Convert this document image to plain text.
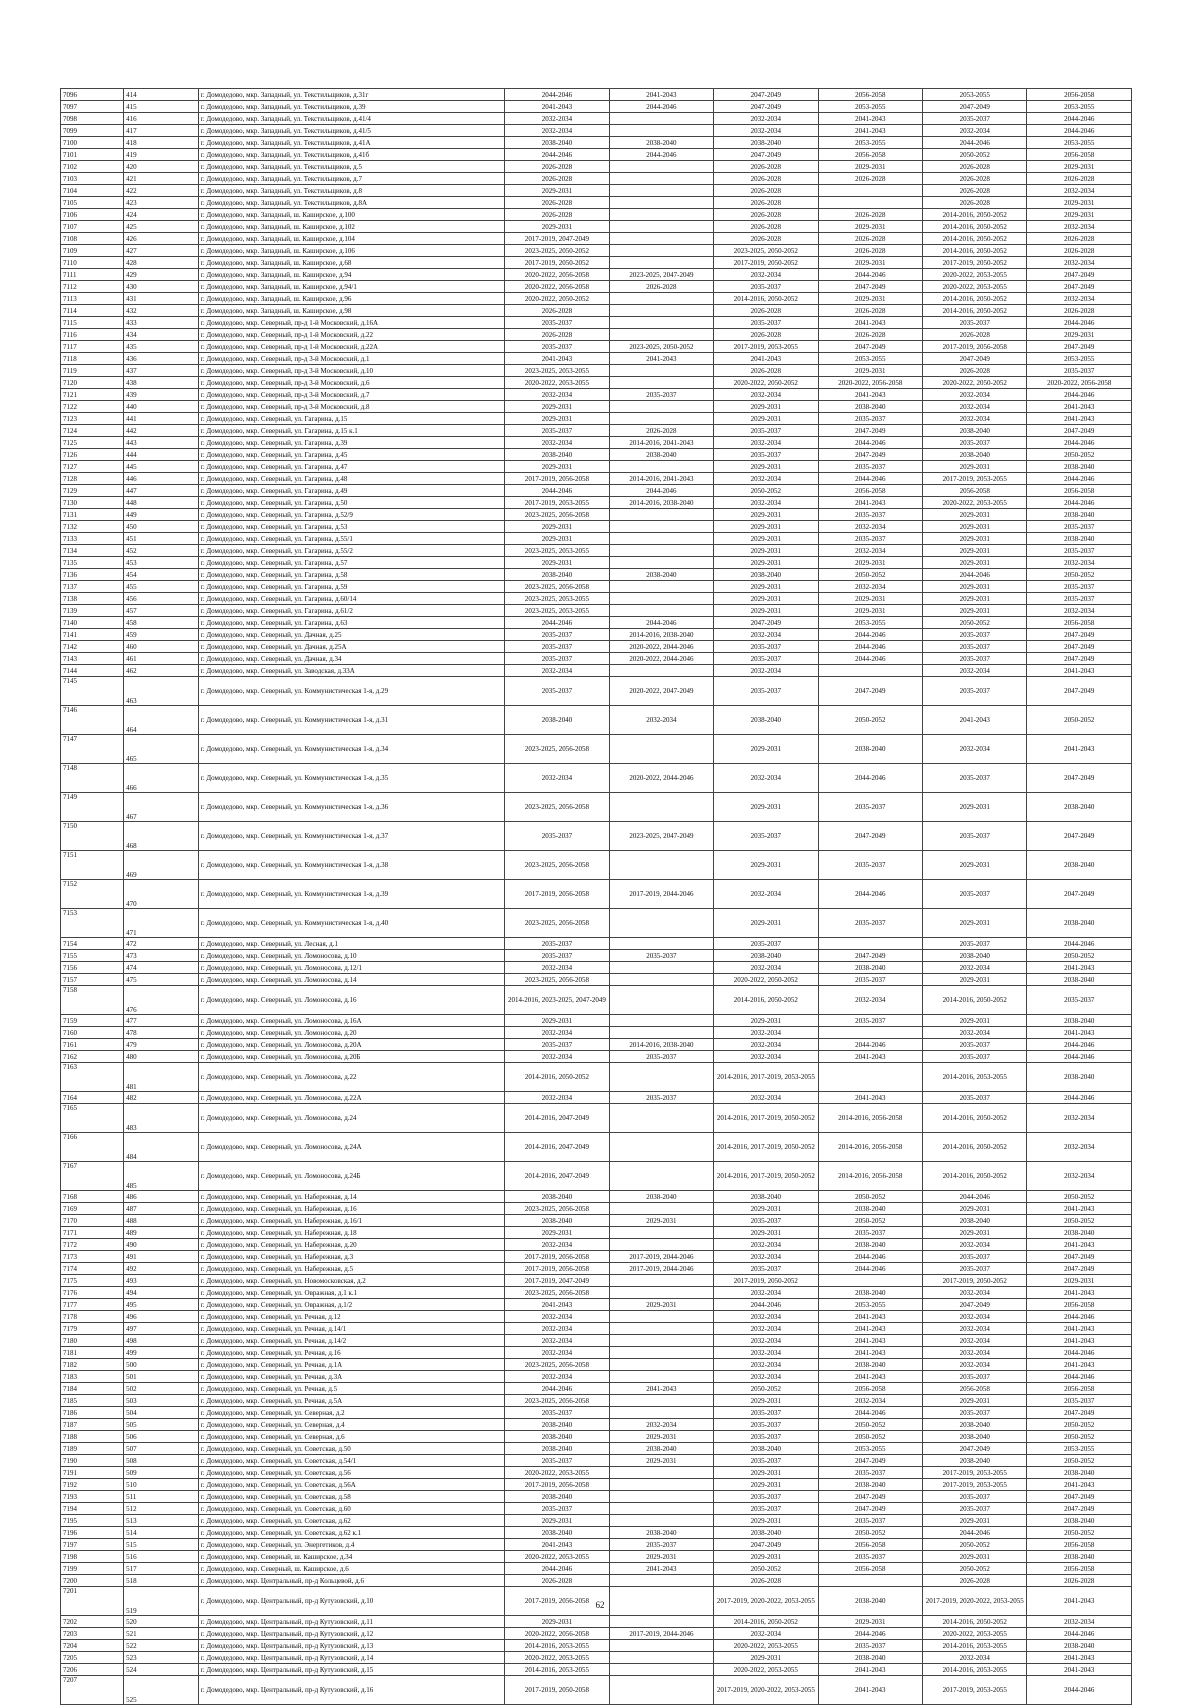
7096	414	г. Домодедово, мкр. Западный, ул. Текстильщиков, д.31г	2044-2046	2041-2043	2047-2049	2056-2058	2053-2055	2056-2058
7097	415	г. Домодедово, мкр. Западный, ул. Текстильщиков, д.39	2041-2043	2044-2046	2047-2049	2053-2055	2047-2049	2053-2055
7098	416	г. Домодедово, мкр. Западный, ул. Текстильщиков, д.41/4	2032-2034		2032-2034	2041-2043	2035-2037	2044-2046
7099	417	г. Домодедово, мкр. Западный, ул. Текстильщиков, д.41/5	2032-2034		2032-2034	2041-2043	2032-2034	2044-2046
7100	418	г. Домодедово, мкр. Западный, ул. Текстильщиков, д.41А	2038-2040	2038-2040	2038-2040	2053-2055	2044-2046	2053-2055
7101	419	г. Домодедово, мкр. Западный, ул. Текстильщиков, д.41б	2044-2046	2044-2046	2047-2049	2056-2058	2050-2052	2056-2058
7102	420	г. Домодедово, мкр. Западный, ул. Текстильщиков, д.5	2026-2028		2026-2028	2029-2031	2026-2028	2029-2031
7103	421	г. Домодедово, мкр. Западный, ул. Текстильщиков, д.7	2026-2028		2026-2028	2026-2028	2026-2028	2026-2028
7104	422	г. Домодедово, мкр. Западный, ул. Текстильщиков, д.8	2029-2031		2026-2028		2026-2028	2032-2034
7105	423	г. Домодедово, мкр. Западный, ул. Текстильщиков, д.8А	2026-2028		2026-2028		2026-2028	2029-2031
7106	424	г. Домодедово, мкр. Западный, ш. Каширское, д.100	2026-2028		2026-2028	2026-2028	2014-2016, 2050-2052	2029-2031
7107	425	г. Домодедово, мкр. Западный, ш. Каширское, д.102	2029-2031		2026-2028	2029-2031	2014-2016, 2050-2052	2032-2034
7108	426	г. Домодедово, мкр. Западный, ш. Каширское, д.104	2017-2019, 2047-2049		2026-2028	2026-2028	2014-2016, 2050-2052	2026-2028
7109	427	г. Домодедово, мкр. Западный, ш. Каширское, д.106	2023-2025, 2050-2052		2023-2025, 2050-2052	2026-2028	2014-2016, 2050-2052	2026-2028
7110	428	г. Домодедово, мкр. Западный, ш. Каширское, д.68	2017-2019, 2050-2052		2017-2019, 2050-2052	2029-2031	2017-2019, 2050-2052	2032-2034
7111	429	г. Домодедово, мкр. Западный, ш. Каширское, д.94	2020-2022, 2056-2058	2023-2025, 2047-2049	2032-2034	2044-2046	2020-2022, 2053-2055	2047-2049
7112	430	г. Домодедово, мкр. Западный, ш. Каширское, д.94/1	2020-2022, 2056-2058	2026-2028	2035-2037	2047-2049	2020-2022, 2053-2055	2047-2049
7113	431	г. Домодедово, мкр. Западный, ш. Каширское, д.96	2020-2022, 2050-2052		2014-2016, 2050-2052	2029-2031	2014-2016, 2050-2052	2032-2034
7114	432	г. Домодедово, мкр. Западный, ш. Каширское, д.98	2026-2028		2026-2028	2026-2028	2014-2016, 2050-2052	2026-2028
7115	433	г. Домодедово, мкр. Северный, пр-д 1-й Московский, д.16А	2035-2037		2035-2037	2041-2043	2035-2037	2044-2046
7116	434	г. Домодедово, мкр. Северный, пр-д 1-й Московский, д.22	2026-2028		2026-2028	2026-2028	2026-2028	2029-2031
7117	435	г. Домодедово, мкр. Северный, пр-д 1-й Московский, д.22А	2035-2037	2023-2025, 2050-2052	2017-2019, 2053-2055	2047-2049	2017-2019, 2056-2058	2047-2049
7118	436	г. Домодедово, мкр. Северный, пр-д 3-й Московский, д.1	2041-2043	2041-2043	2041-2043	2053-2055	2047-2049	2053-2055
7119	437	г. Домодедово, мкр. Северный, пр-д 3-й Московский, д.10	2023-2025, 2053-2055		2026-2028	2029-2031	2026-2028	2035-2037
7120	438	г. Домодедово, мкр. Северный, пр-д 3-й Московский, д.6	2020-2022, 2053-2055		2020-2022, 2050-2052	2020-2022, 2056-2058	2020-2022, 2050-2052	2020-2022, 2056-2058
7121	439	г. Домодедово, мкр. Северный, пр-д 3-й Московский, д.7	2032-2034	2035-2037	2032-2034	2041-2043	2032-2034	2044-2046
7122	440	г. Домодедово, мкр. Северный, пр-д 3-й Московский, д.8	2029-2031		2029-2031	2038-2040	2032-2034	2041-2043
7123	441	г. Домодедово, мкр. Северный, ул. Гагарина, д.15	2029-2031		2029-2031	2035-2037	2032-2034	2041-2043
7124	442	г. Домодедово, мкр. Северный, ул. Гагарина, д.15 к.1	2035-2037	2026-2028	2035-2037	2047-2049	2038-2040	2047-2049
7125	443	г. Домодедово, мкр. Северный, ул. Гагарина, д.39	2032-2034	2014-2016, 2041-2043	2032-2034	2044-2046	2035-2037	2044-2046
7126	444	г. Домодедово, мкр. Северный, ул. Гагарина, д.45	2038-2040	2038-2040	2035-2037	2047-2049	2038-2040	2050-2052
7127	445	г. Домодедово, мкр. Северный, ул. Гагарина, д.47	2029-2031		2029-2031	2035-2037	2029-2031	2038-2040
7128	446	г. Домодедово, мкр. Северный, ул. Гагарина, д.48	2017-2019, 2056-2058	2014-2016, 2041-2043	2032-2034	2044-2046	2017-2019, 2053-2055	2044-2046
7129	447	г. Домодедово, мкр. Северный, ул. Гагарина, д.49	2044-2046	2044-2046	2050-2052	2056-2058	2056-2058	2056-2058
7130	448	г. Домодедово, мкр. Северный, ул. Гагарина, д.50	2017-2019, 2053-2055	2014-2016, 2038-2040	2032-2034	2041-2043	2020-2022, 2053-2055	2044-2046
7131	449	г. Домодедово, мкр. Северный, ул. Гагарина, д.52/9	2023-2025, 2056-2058		2029-2031	2035-2037	2029-2031	2038-2040
7132	450	г. Домодедово, мкр. Северный, ул. Гагарина, д.53	2029-2031		2029-2031	2032-2034	2029-2031	2035-2037
7133	451	г. Домодедово, мкр. Северный, ул. Гагарина, д.55/1	2029-2031		2029-2031	2035-2037	2029-2031	2038-2040
7134	452	г. Домодедово, мкр. Северный, ул. Гагарина, д.55/2	2023-2025, 2053-2055		2029-2031	2032-2034	2029-2031	2035-2037
7135	453	г. Домодедово, мкр. Северный, ул. Гагарина, д.57	2029-2031		2029-2031	2029-2031	2029-2031	2032-2034
7136	454	г. Домодедово, мкр. Северный, ул. Гагарина, д.58	2038-2040	2038-2040	2038-2040	2050-2052	2044-2046	2050-2052
7137	455	г. Домодедово, мкр. Северный, ул. Гагарина, д.59	2023-2025, 2056-2058		2029-2031	2032-2034	2029-2031	2035-2037
7138	456	г. Домодедово, мкр. Северный, ул. Гагарина, д.60/14	2023-2025, 2053-2055		2029-2031	2029-2031	2029-2031	2035-2037
7139	457	г. Домодедово, мкр. Северный, ул. Гагарина, д.61/2	2023-2025, 2053-2055		2029-2031	2029-2031	2029-2031	2032-2034
7140	458	г. Домодедово, мкр. Северный, ул. Гагарина, д.63	2044-2046	2044-2046	2047-2049	2053-2055	2050-2052	2056-2058
7141	459	г. Домодедово, мкр. Северный, ул. Дачная, д.25	2035-2037	2014-2016, 2038-2040	2032-2034	2044-2046	2035-2037	2047-2049
7142	460	г. Домодедово, мкр. Северный, ул. Дачная, д.25А	2035-2037	2020-2022, 2044-2046	2035-2037	2044-2046	2035-2037	2047-2049
7143	461	г. Домодедово, мкр. Северный, ул. Дачная, д.34	2035-2037	2020-2022, 2044-2046	2035-2037	2044-2046	2035-2037	2047-2049
7144	462	г. Домодедово, мкр. Северный, ул. Заводская, д.33А	2032-2034		2032-2034		2032-2034	2041-2043
7145	463	г. Домодедово, мкр. Северный, ул. Коммунистическая 1-я, д.29	2035-2037	2020-2022, 2047-2049	2035-2037	2047-2049	2035-2037	2047-2049
7146	464	г. Домодедово, мкр. Северный, ул. Коммунистическая 1-я, д.31	2038-2040	2032-2034	2038-2040	2050-2052	2041-2043	2050-2052
7147	465	г. Домодедово, мкр. Северный, ул. Коммунистическая 1-я, д.34	2023-2025, 2056-2058		2029-2031	2038-2040	2032-2034	2041-2043
7148	466	г. Домодедово, мкр. Северный, ул. Коммунистическая 1-я, д.35	2032-2034	2020-2022, 2044-2046	2032-2034	2044-2046	2035-2037	2047-2049
7149	467	г. Домодедово, мкр. Северный, ул. Коммунистическая 1-я, д.36	2023-2025, 2056-2058		2029-2031	2035-2037	2029-2031	2038-2040
7150	468	г. Домодедово, мкр. Северный, ул. Коммунистическая 1-я, д.37	2035-2037	2023-2025, 2047-2049	2035-2037	2047-2049	2035-2037	2047-2049
7151	469	г. Домодедово, мкр. Северный, ул. Коммунистическая 1-я, д.38	2023-2025, 2056-2058		2029-2031	2035-2037	2029-2031	2038-2040
7152	470	г. Домодедово, мкр. Северный, ул. Коммунистическая 1-я, д.39	2017-2019, 2056-2058	2017-2019, 2044-2046	2032-2034	2044-2046	2035-2037	2047-2049
7153	471	г. Домодедово, мкр. Северный, ул. Коммунистическая 1-я, д.40	2023-2025, 2056-2058		2029-2031	2035-2037	2029-2031	2038-2040
7154	472	г. Домодедово, мкр. Северный, ул. Лесная, д.1	2035-2037		2035-2037		2035-2037	2044-2046
7155	473	г. Домодедово, мкр. Северный, ул. Ломоносова, д.10	2035-2037	2035-2037	2038-2040	2047-2049	2038-2040	2050-2052
7156	474	г. Домодедово, мкр. Северный, ул. Ломоносова, д.12/1	2032-2034		2032-2034	2038-2040	2032-2034	2041-2043
7157	475	г. Домодедово, мкр. Северный, ул. Ломоносова, д.14	2023-2025, 2056-2058		2020-2022, 2050-2052	2035-2037	2029-2031	2038-2040
7158	476	г. Домодедово, мкр. Северный, ул. Ломоносова, д.16	2014-2016, 2023-2025, 2047-2049		2014-2016, 2050-2052	2032-2034	2014-2016, 2050-2052	2035-2037
7159	477	г. Домодедово, мкр. Северный, ул. Ломоносова, д.16А	2029-2031		2029-2031	2035-2037	2029-2031	2038-2040
7160	478	г. Домодедово, мкр. Северный, ул. Ломоносова, д.20	2032-2034		2032-2034		2032-2034	2041-2043
7161	479	г. Домодедово, мкр. Северный, ул. Ломоносова, д.20А	2035-2037	2014-2016, 2038-2040	2032-2034	2044-2046	2035-2037	2044-2046
7162	480	г. Домодедово, мкр. Северный, ул. Ломоносова, д.20Б	2032-2034	2035-2037	2032-2034	2041-2043	2035-2037	2044-2046
7163	481	г. Домодедово, мкр. Северный, ул. Ломоносова, д.22	2014-2016, 2050-2052		2014-2016, 2017-2019, 2053-2055		2014-2016, 2053-2055	2038-2040
7164	482	г. Домодедово, мкр. Северный, ул. Ломоносова, д.22А	2032-2034	2035-2037	2032-2034	2041-2043	2035-2037	2044-2046
7165	483	г. Домодедово, мкр. Северный, ул. Ломоносова, д.24	2014-2016, 2047-2049		2014-2016, 2017-2019, 2050-2052	2014-2016, 2056-2058	2014-2016, 2050-2052	2032-2034
7166	484	г. Домодедово, мкр. Северный, ул. Ломоносова, д.24А	2014-2016, 2047-2049		2014-2016, 2017-2019, 2050-2052	2014-2016, 2056-2058	2014-2016, 2050-2052	2032-2034
7167	485	г. Домодедово, мкр. Северный, ул. Ломоносова, д.24Б	2014-2016, 2047-2049		2014-2016, 2017-2019, 2050-2052	2014-2016, 2056-2058	2014-2016, 2050-2052	2032-2034
7168	486	г. Домодедово, мкр. Северный, ул. Набережная, д.14	2038-2040	2038-2040	2038-2040	2050-2052	2044-2046	2050-2052
7169	487	г. Домодедово, мкр. Северный, ул. Набережная, д.16	2023-2025, 2056-2058		2029-2031	2038-2040	2029-2031	2041-2043
7170	488	г. Домодедово, мкр. Северный, ул. Набережная, д.16/1	2038-2040	2029-2031	2035-2037	2050-2052	2038-2040	2050-2052
7171	489	г. Домодедово, мкр. Северный, ул. Набережная, д.18	2029-2031		2029-2031	2035-2037	2029-2031	2038-2040
7172	490	г. Домодедово, мкр. Северный, ул. Набережная, д.20	2032-2034		2032-2034	2038-2040	2032-2034	2041-2043
7173	491	г. Домодедово, мкр. Северный, ул. Набережная, д.3	2017-2019, 2056-2058	2017-2019, 2044-2046	2032-2034	2044-2046	2035-2037	2047-2049
7174	492	г. Домодедово, мкр. Северный, ул. Набережная, д.5	2017-2019, 2056-2058	2017-2019, 2044-2046	2035-2037	2044-2046	2035-2037	2047-2049
7175	493	г. Домодедово, мкр. Северный, ул. Новомосковская, д.2	2017-2019, 2047-2049		2017-2019, 2050-2052		2017-2019, 2050-2052	2029-2031
7176	494	г. Домодедово, мкр. Северный, ул. Овражная, д.1 к.1	2023-2025, 2056-2058		2032-2034	2038-2040	2032-2034	2041-2043
7177	495	г. Домодедово, мкр. Северный, ул. Овражная, д.1/2	2041-2043	2029-2031	2044-2046	2053-2055	2047-2049	2056-2058
7178	496	г. Домодедово, мкр. Северный, ул. Речная, д.12	2032-2034		2032-2034	2041-2043	2032-2034	2044-2046
7179	497	г. Домодедово, мкр. Северный, ул. Речная, д.14/1	2032-2034		2032-2034	2041-2043	2032-2034	2041-2043
7180	498	г. Домодедово, мкр. Северный, ул. Речная, д.14/2	2032-2034		2032-2034	2041-2043	2032-2034	2041-2043
7181	499	г. Домодедово, мкр. Северный, ул. Речная, д.16	2032-2034		2032-2034	2041-2043	2032-2034	2044-2046
7182	500	г. Домодедово, мкр. Северный, ул. Речная, д.1А	2023-2025, 2056-2058		2032-2034	2038-2040	2032-2034	2041-2043
7183	501	г. Домодедово, мкр. Северный, ул. Речная, д.3А	2032-2034		2032-2034	2041-2043	2035-2037	2044-2046
7184	502	г. Домодедово, мкр. Северный, ул. Речная, д.5	2044-2046	2041-2043	2050-2052	2056-2058	2056-2058	2056-2058
7185	503	г. Домодедово, мкр. Северный, ул. Речная, д.5А	2023-2025, 2056-2058		2029-2031	2032-2034	2029-2031	2035-2037
7186	504	г. Домодедово, мкр. Северный, ул. Северная, д.2	2035-2037		2035-2037	2044-2046	2035-2037	2047-2049
7187	505	г. Домодедово, мкр. Северный, ул. Северная, д.4	2038-2040	2032-2034	2035-2037	2050-2052	2038-2040	2050-2052
7188	506	г. Домодедово, мкр. Северный, ул. Северная, д.6	2038-2040	2029-2031	2035-2037	2050-2052	2038-2040	2050-2052
7189	507	г. Домодедово, мкр. Северный, ул. Советская, д.50	2038-2040	2038-2040	2038-2040	2053-2055	2047-2049	2053-2055
7190	508	г. Домодедово, мкр. Северный, ул. Советская, д.54/1	2035-2037	2029-2031	2035-2037	2047-2049	2038-2040	2050-2052
7191	509	г. Домодедово, мкр. Северный, ул. Советская, д.56	2020-2022, 2053-2055		2029-2031	2035-2037	2017-2019, 2053-2055	2038-2040
7192	510	г. Домодедово, мкр. Северный, ул. Советская, д.56А	2017-2019, 2056-2058		2029-2031	2038-2040	2017-2019, 2053-2055	2041-2043
7193	511	г. Домодедово, мкр. Северный, ул. Советская, д.58	2038-2040		2035-2037	2047-2049	2035-2037	2047-2049
7194	512	г. Домодедово, мкр. Северный, ул. Советская, д.60	2035-2037		2035-2037	2047-2049	2035-2037	2047-2049
7195	513	г. Домодедово, мкр. Северный, ул. Советская, д.62	2029-2031		2029-2031	2035-2037	2029-2031	2038-2040
7196	514	г. Домодедово, мкр. Северный, ул. Советская, д.62 к.1	2038-2040	2038-2040	2038-2040	2050-2052	2044-2046	2050-2052
7197	515	г. Домодедово, мкр. Северный, ул. Энергетиков, д.4	2041-2043	2035-2037	2047-2049	2056-2058	2050-2052	2056-2058
7198	516	г. Домодедово, мкр. Северный, ш. Каширское, д.34	2020-2022, 2053-2055	2029-2031	2029-2031	2035-2037	2029-2031	2038-2040
7199	517	г. Домодедово, мкр. Северный, ш. Каширское, д.6	2044-2046	2041-2043	2050-2052	2056-2058	2050-2052	2056-2058
7200	518	г. Домодедово, мкр. Центральный, пр-д Кольцевой, д.6	2026-2028		2026-2028		2026-2028	2026-2028
7201	519	г. Домодедово, мкр. Центральный, пр-д Кутузовский, д.10	2017-2019, 2056-2058		2017-2019, 2020-2022, 2053-2055	2038-2040	2017-2019, 2020-2022, 2053-2055	2041-2043
7202	520	г. Домодедово, мкр. Центральный, пр-д Кутузовский, д.11	2029-2031		2014-2016, 2050-2052	2029-2031	2014-2016, 2050-2052	2032-2034
7203	521	г. Домодедово, мкр. Центральный, пр-д Кутузовский, д.12	2020-2022, 2056-2058	2017-2019, 2044-2046	2032-2034	2044-2046	2020-2022, 2053-2055	2044-2046
7204	522	г. Домодедово, мкр. Центральный, пр-д Кутузовский, д.13	2014-2016, 2053-2055		2020-2022, 2053-2055	2035-2037	2014-2016, 2053-2055	2038-2040
7205	523	г. Домодедово, мкр. Центральный, пр-д Кутузовский, д.14	2020-2022, 2053-2055		2029-2031	2038-2040	2032-2034	2041-2043
7206	524	г. Домодедово, мкр. Центральный, пр-д Кутузовский, д.15	2014-2016, 2053-2055		2020-2022, 2053-2055	2041-2043	2014-2016, 2053-2055	2041-2043
7207	525	г. Домодедово, мкр. Центральный, пр-д Кутузовский, д.16	2017-2019, 2050-2058		2017-2019, 2020-2022, 2053-2055	2041-2043	2017-2019, 2053-2055	2044-2046
62
